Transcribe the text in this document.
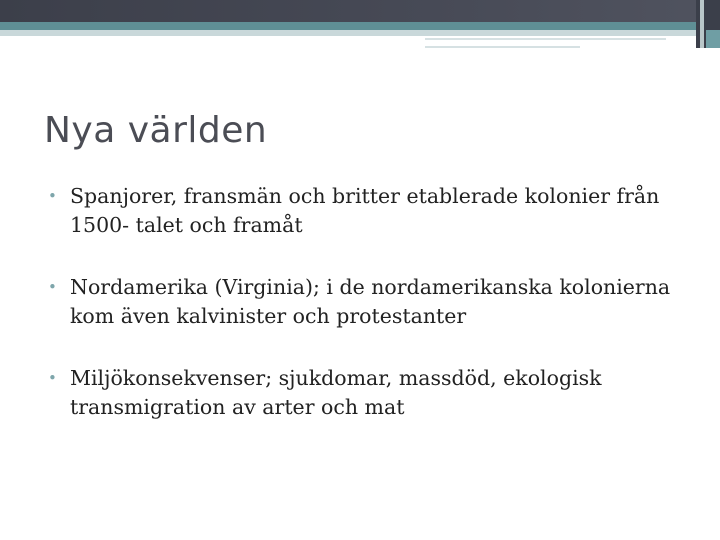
Nya världen
• Spanjorer, fransmän och britter etablerade kolonier från 1500- talet och framåt
• Nordamerika (Virginia); i de nordamerikanska kolonierna kom även kalvinister och protestanter
• Miljökonsekvenser; sjukdomar, massdöd, ekologisk transmigration av arter och mat
